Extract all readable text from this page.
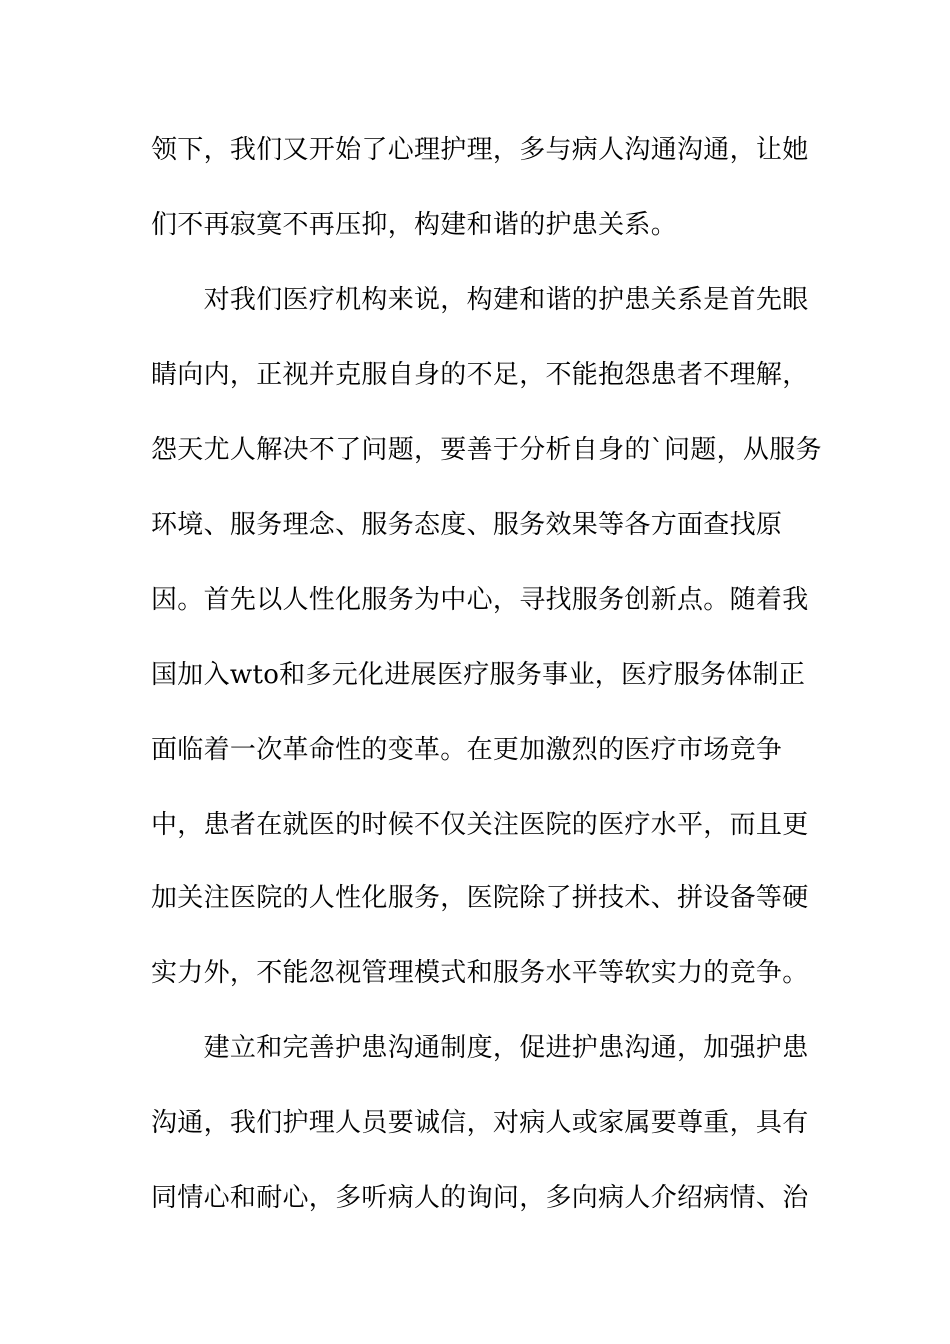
领下，我们又开始了心理护理，多与病人沟通沟通，让她
们不再寂寞不再压抑，构建和谐的护患关系。
　　对我们医疗机构来说，构建和谐的护患关系是首先眼
睛向内，正视并克服自身的不足，不能抱怨患者不理解，
怨天尤人解决不了问题，要善于分析自身的`问题，从服务
环境、服务理念、服务态度、服务效果等各方面查找原
因。首先以人性化服务为中心，寻找服务创新点。随着我
国加入wto和多元化进展医疗服务事业，医疗服务体制正
面临着一次革命性的变革。在更加激烈的医疗市场竞争
中，患者在就医的时候不仅关注医院的医疗水平，而且更
加关注医院的人性化服务，医院除了拼技术、拼设备等硬
实力外，不能忽视管理模式和服务水平等软实力的竞争。
　　建立和完善护患沟通制度，促进护患沟通，加强护患
沟通，我们护理人员要诚信，对病人或家属要尊重，具有
同情心和耐心，多听病人的询问，多向病人介绍病情、治
